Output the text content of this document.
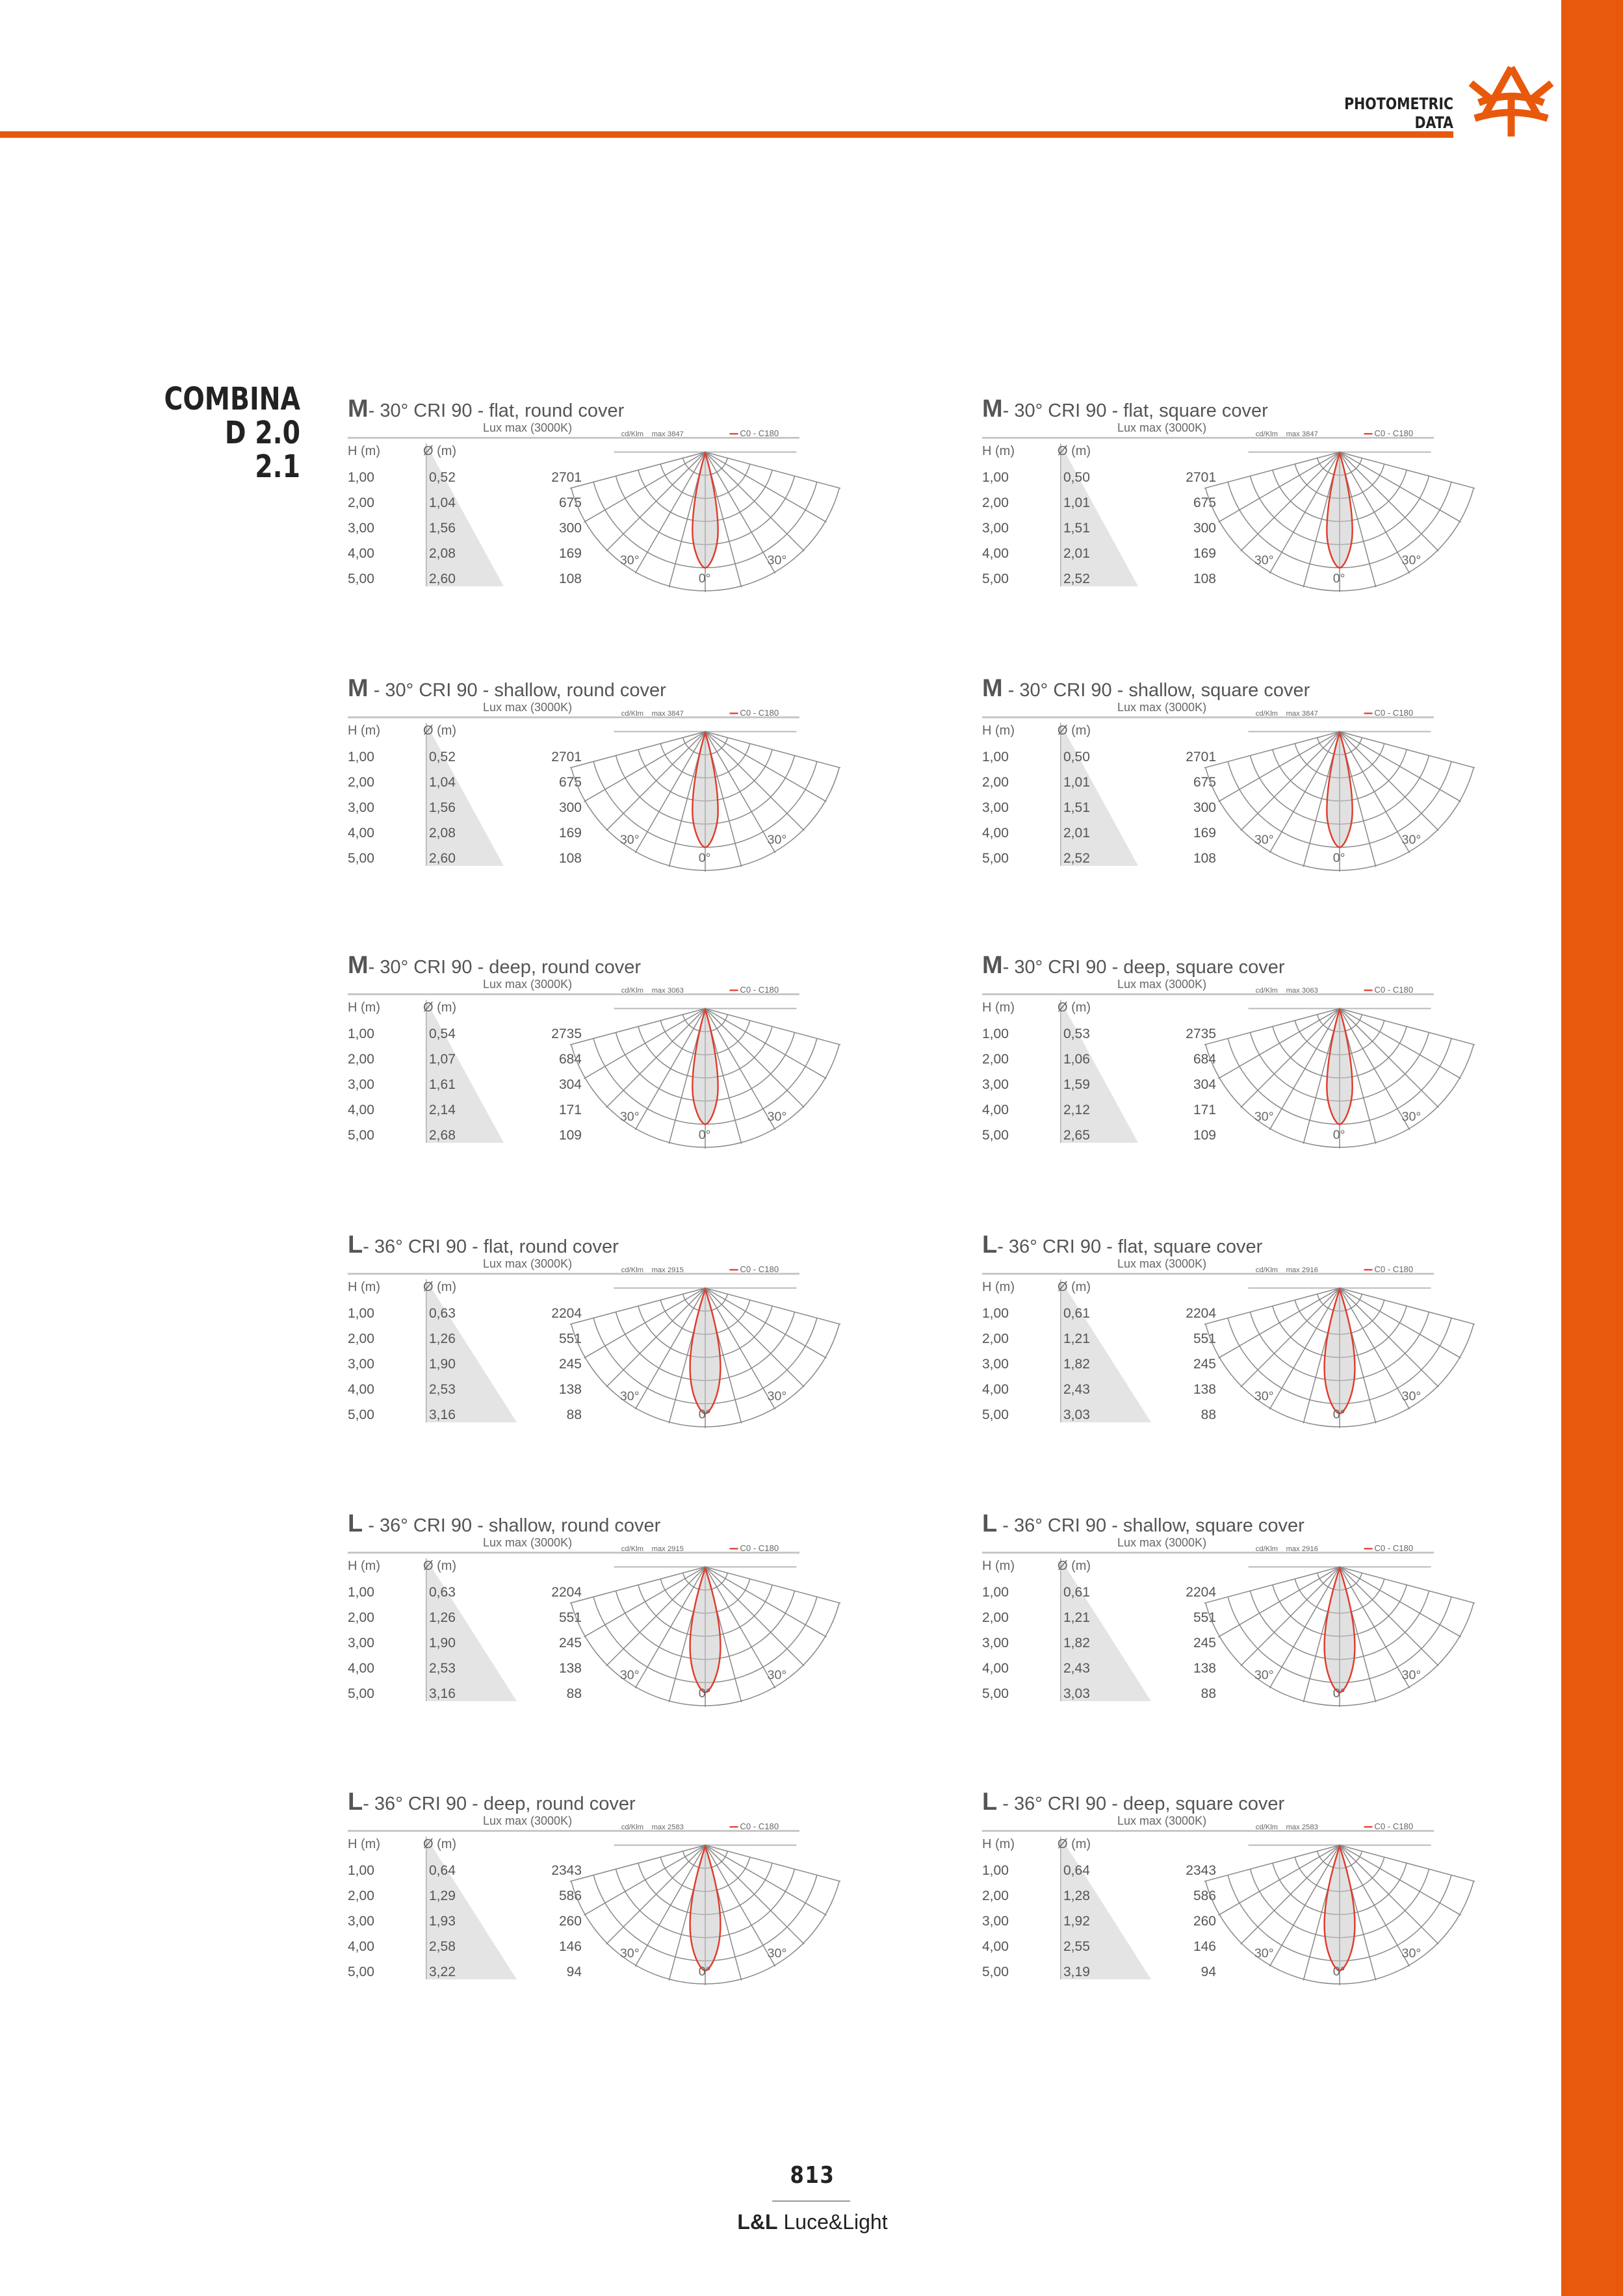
PHOTOMETRIC DATA
COMBINA D 2.0
2.1
M- 30° CRI 90 - flat, round cover
Lux max (3000K)
H (m)	Ø (m)
1,00	0,52	2701
2,00	1,04	675
3,00	1,56	300
4,00	2,08	169
5,00	2,60	108
cd/Klm max 3847	C0 - C180
30°	30°
0°
M- 30° CRI 90 - flat, square cover
Lux max (3000K)
H (m)	Ø (m)
1,00	0,50	2701
2,00	1,01	675
3,00	1,51	300
4,00	2,01	169
5,00	2,52	108
cd/Klm max 3847	C0 - C180
30°	30°
0°
M - 30° CRI 90 - shallow, round cover
Lux max (3000K)
H (m)	Ø (m)
1,00	0,52	2701
2,00	1,04	675
3,00	1,56	300
4,00	2,08	169
5,00	2,60	108
cd/Klm max 3847	C0 - C180
30°	30°
0°
M - 30° CRI 90 - shallow, square cover
Lux max (3000K)
H (m)	Ø (m)
1,00	0,50	2701
2,00	1,01	675
3,00	1,51	300
4,00	2,01	169
5,00	2,52	108
cd/Klm max 3847	C0 - C180
30°	30°
0°
M- 30° CRI 90 - deep, round cover
Lux max (3000K)
H (m)	Ø (m)
1,00	0,54	2735
2,00	1,07	684
3,00	1,61	304
4,00	2,14	171
5,00	2,68	109
cd/Klm max 3063	C0 - C180
30°	30°
0°
M- 30° CRI 90 - deep, square cover
Lux max (3000K)
H (m)	Ø (m)
1,00	0,53	2735
2,00	1,06	684
3,00	1,59	304
4,00	2,12	171
5,00	2,65	109
cd/Klm max 3063	C0 - C180
30°	30°
0°
L- 36° CRI 90 - flat, round cover
Lux max (3000K)
H (m)	Ø (m)
1,00	0,63	2204
2,00	1,26	551
3,00	1,90	245
4,00	2,53	138
5,00	3,16	88
cd/Klm max 2915	C0 - C180
30°	30°
0°
L- 36° CRI 90 - flat, square cover
Lux max (3000K)
H (m)	Ø (m)
1,00	0,61	2204
2,00	1,21	551
3,00	1,82	245
4,00	2,43	138
5,00	3,03	88
cd/Klm max 2916	C0 - C180
30°	30°
0°
L - 36° CRI 90 - shallow, round cover
Lux max (3000K)
H (m)	Ø (m)
1,00	0,63	2204
2,00	1,26	551
3,00	1,90	245
4,00	2,53	138
5,00	3,16	88
cd/Klm max 2915	C0 - C180
30°	30°
0°
L - 36° CRI 90 - shallow, square cover
Lux max (3000K)
H (m)	Ø (m)
1,00	0,61	2204
2,00	1,21	551
3,00	1,82	245
4,00	2,43	138
5,00	3,03	88
cd/Klm max 2916	C0 - C180
30°	30°
0°
L- 36° CRI 90 - deep, round cover
Lux max (3000K)
H (m)	Ø (m)
1,00	0,64	2343
2,00	1,29	586
3,00	1,93	260
4,00	2,58	146
5,00	3,22	94
cd/Klm max 2583	C0 - C180
30°	30°
0°
L - 36° CRI 90 - deep, square cover
Lux max (3000K)
H (m)	Ø (m)
1,00	0,64	2343
2,00	1,28	586
3,00	1,92	260
4,00	2,55	146
5,00	3,19	94
cd/Klm max 2583	C0 - C180
30°	30°
0°
813
L&L Luce&Light
